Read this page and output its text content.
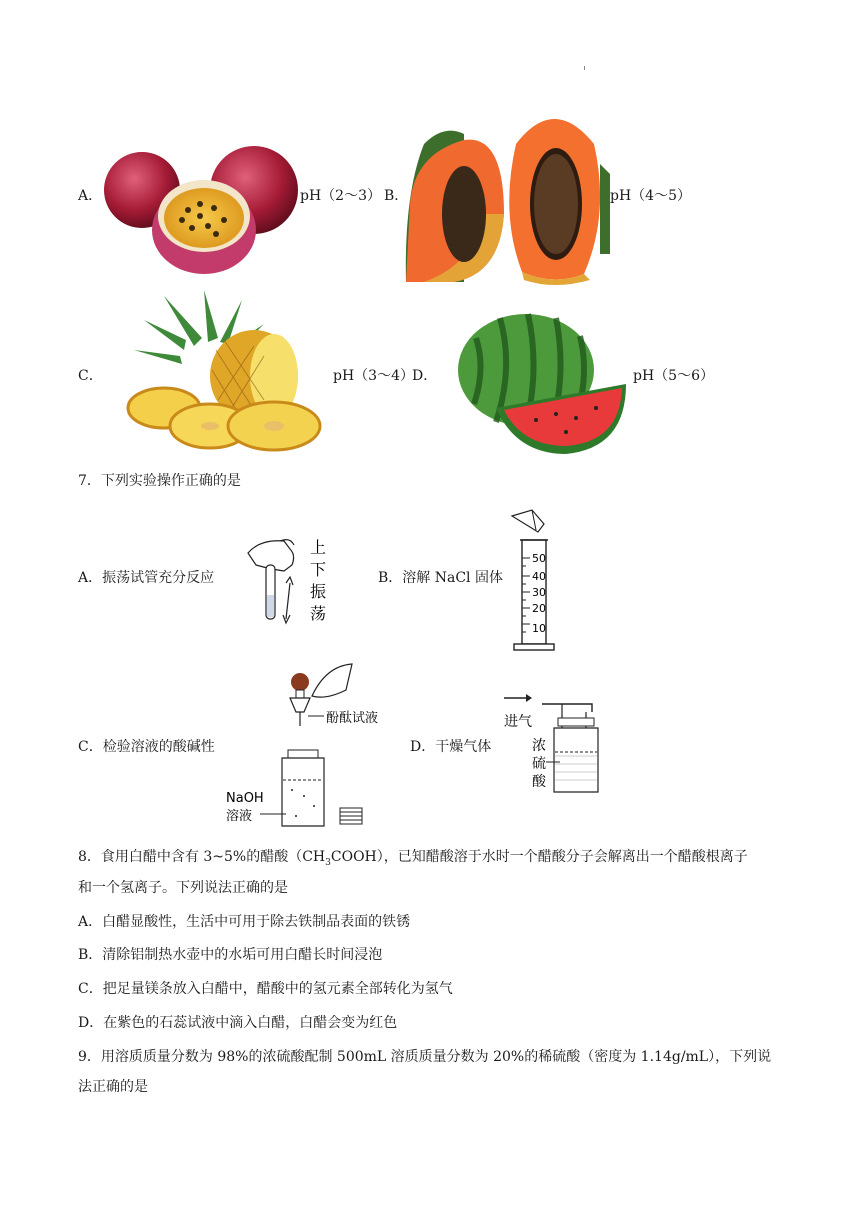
A．	pH（2～3） B．	pH（4～5）
C．	pH（3～4）
D．	pH（5～6）
7．下列实验操作正确的是
A．振荡试管充分反应
上
下
振
荡
B．溶解 NaCl 固体
50
40
30
20
10
C．检验溶液的酸碱性
酚酞试液
NaOH
溶液
D．干燥气体
进气
浓
硫
酸
8．食用白醋中含有 3~5%的醋酸$(CH_3COOH)$，已知醋酸溶于水时一个醋酸分子会解离出一个醋酸根离子
和一个氢离子。下列说法正确的是
A．白醋显酸性，生活中可用于除去铁制品表面的铁锈
B．清除铝制热水壶中的水垢可用白醋长时间浸泡
C．把足量镁条放入白醋中，醋酸中的氢元素全部转化为氢气
D．在紫色的石蕊试液中滴入白醋，白醋会变为红色
9．用溶质质量分数为 98%的浓硫酸配制 500mL 溶质质量分数为 20%的稀硫酸（密度为 1.14g/mL），下列说
法正确的是
